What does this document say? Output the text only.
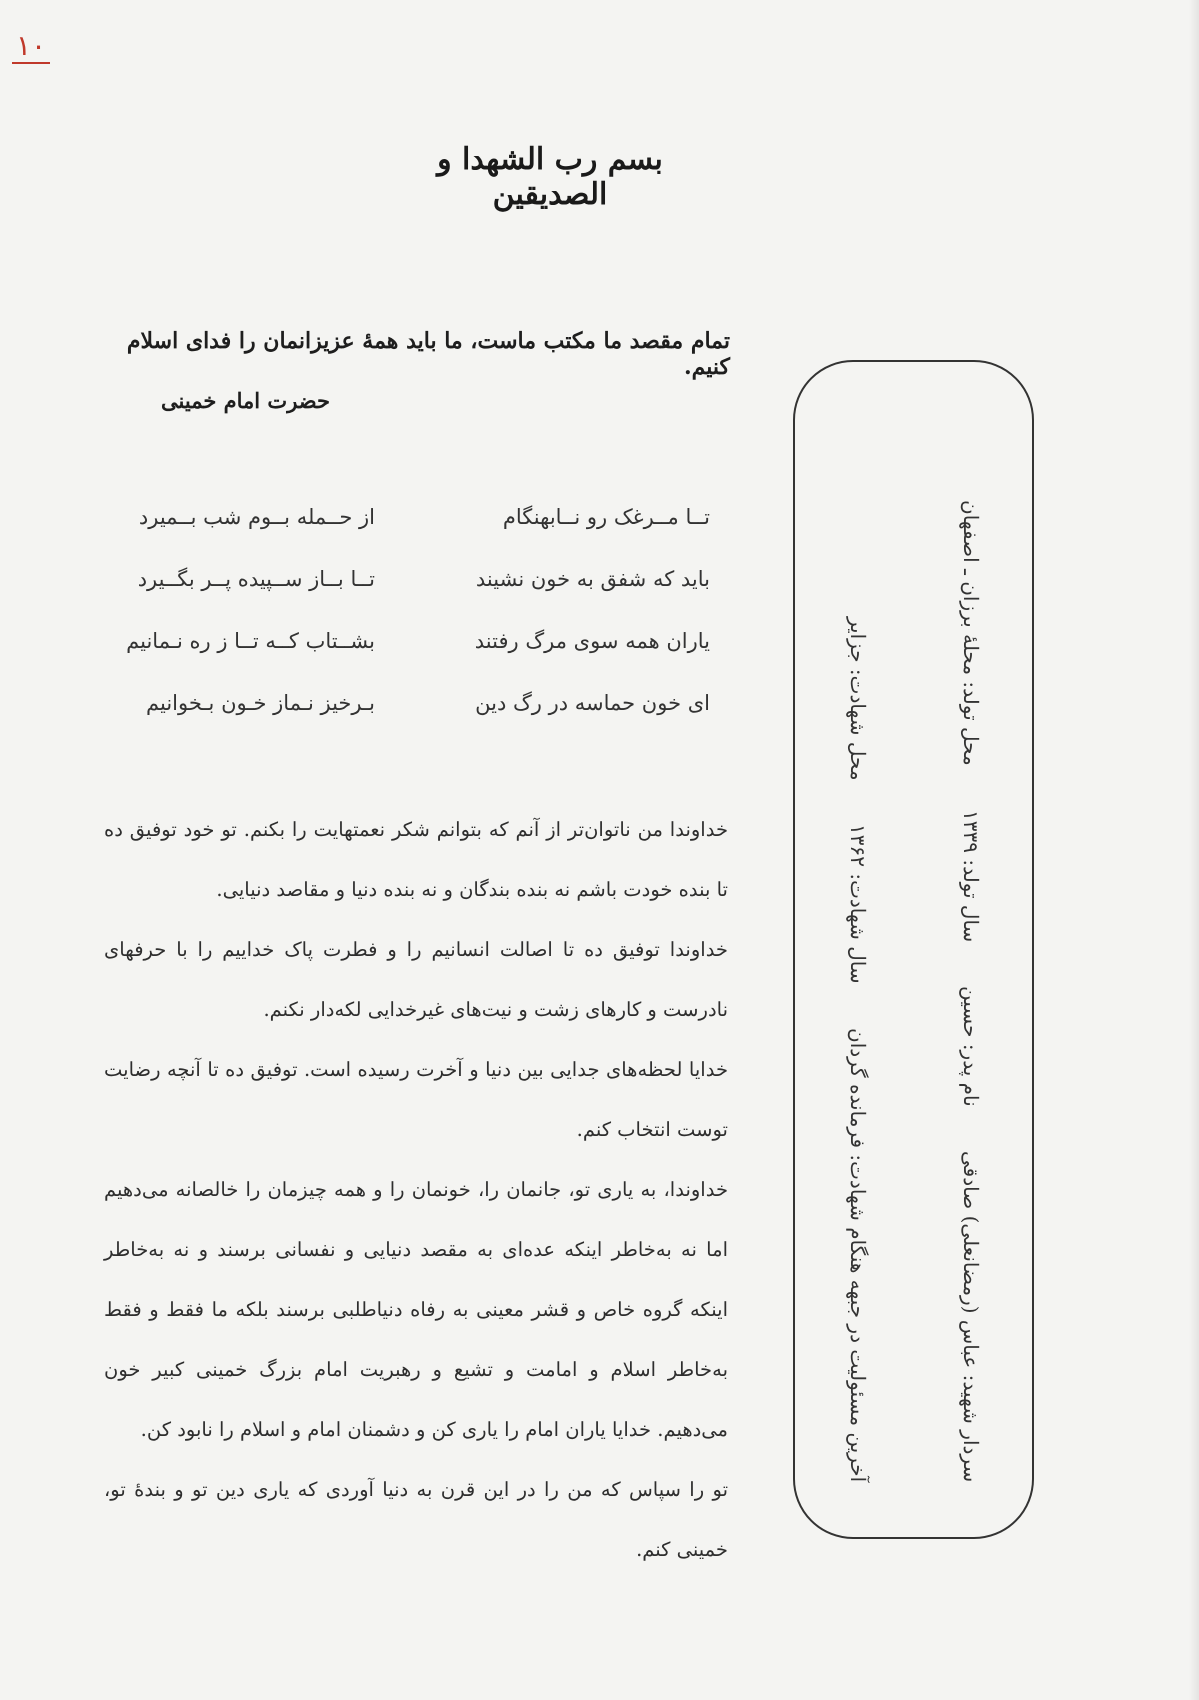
۱۰
بسم رب الشهدا و الصدیقین
تمام مقصد ما مکتب ماست، ما باید همهٔ عزیزانمان را فدای اسلام کنیم.
حضرت امام خمینی
تــا مــرغک رو نــابهنگام
از حــمله بــوم شب بــمیرد
باید که شفق به خون نشیند
تــا بــاز ســپیده پــر بگــیرد
یاران همه سوی مرگ رفتند
بشــتاب کــه تــا ز ره نـمانیم
ای خون حماسه در رگ دین
بـرخیز نـماز خـون بـخوانیم

خداوندا من ناتوان‌تر از آنم که بتوانم شکر نعمتهایت را بکنم. تو خود توفیق ده تا بنده خودت باشم نه بنده بندگان و نه بنده دنیا و مقاصد دنیایی.

خداوندا توفیق ده تا اصالت انسانیم را و فطرت پاک خداییم را با حرفهای نادرست و کارهای زشت و نیت‌های غیرخدایی لکه‌دار نکنم.

خدایا لحظه‌های جدایی بین دنیا و آخرت رسیده است. توفیق ده تا آنچه رضایت توست انتخاب کنم.

خداوندا، به یاری تو، جانمان را، خونمان را و همه چیزمان را خالصانه می‌دهیم اما نه به‌خاطر اینکه عده‌ای به مقصد دنیایی و نفسانی برسند و نه به‌خاطر اینکه گروه خاص و قشر معینی به رفاه دنیاطلبی برسند بلکه ما فقط و فقط به‌خاطر اسلام و امامت و تشیع و رهبریت امام بزرگ خمینی کبیر خون می‌دهیم. خدایا یاران امام را یاری کن و دشمنان امام و اسلام را نابود کن.

تو را سپاس که من را در این قرن به دنیا آوردی که یاری دین تو و بندهٔ تو، خمینی کنم.

سردار شهید: عباس (رمضانعلی) صادقینام پدر: حسینسال تولد: ۱۳۳۹محل تولد: محلهٔ برزان ـ اصفهان
آخرین مسئولیت در جبهه هنگام شهادت: فرمانده گردانسال شهادت: ۱۳۶۲محل شهادت: جزایر
